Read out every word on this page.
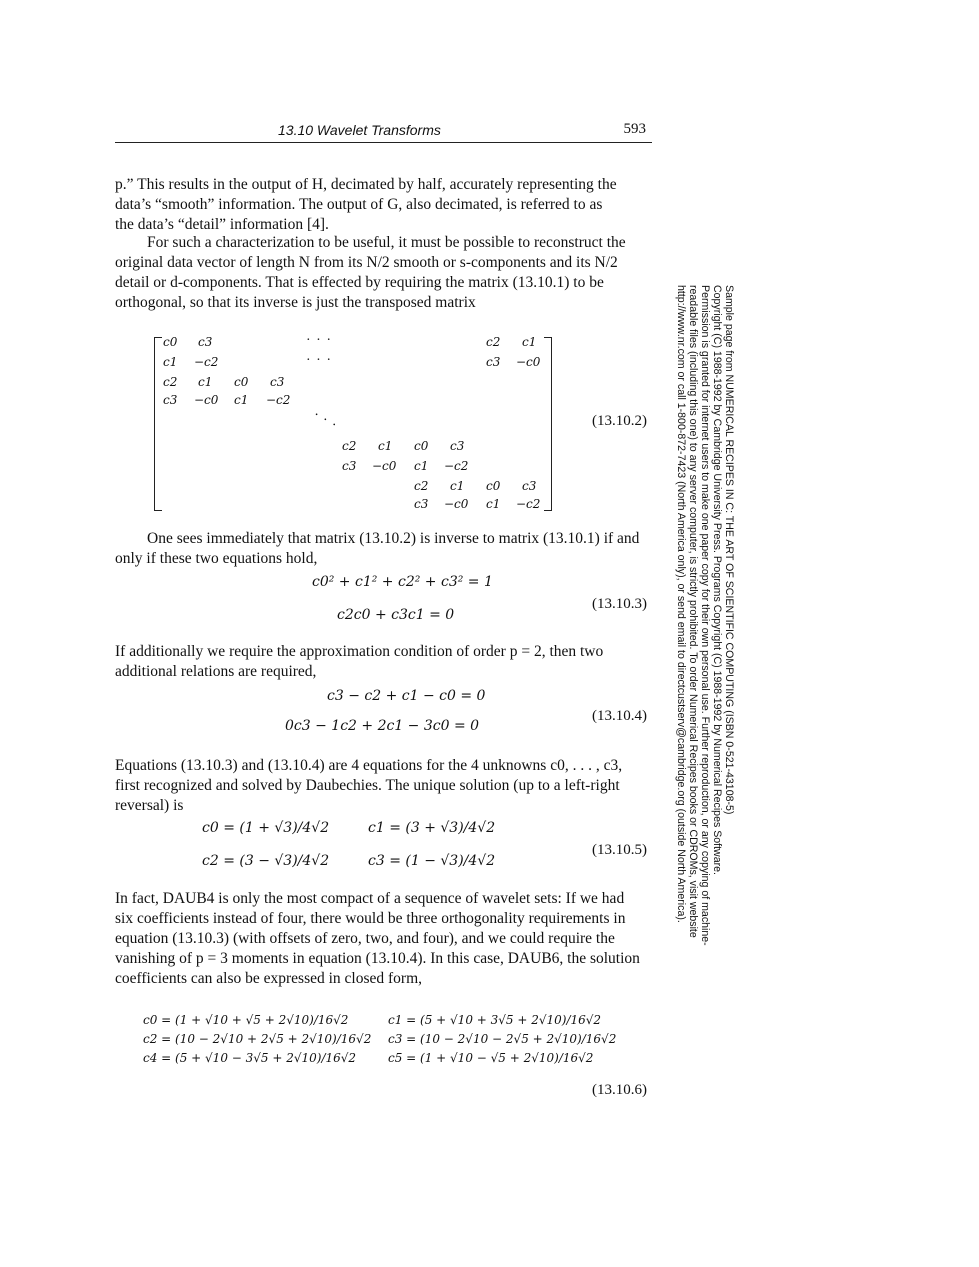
13.10 Wavelet Transforms	593
p.” This results in the output of H, decimated by half, accurately representing the
data’s “smooth” information. The output of G, also decimated, is referred to as
the data’s “detail” information [4].
For such a characterization to be useful, it must be possible to reconstruct the
original data vector of length N from its N/2 smooth or s-components and its N/2
detail or d-components. That is effected by requiring the matrix (13.10.1) to be
orthogonal, so that its inverse is just the transposed matrix
c0 c3	· · ·	c2 c1
c1 −c2	· · ·	c3 −c0
c2 c1 c0 c3
c3 −c0 c1 −c2
· · ·
c2 c1 c0 c3
c3 −c0 c1 −c2
c2 c1 c0 c3
c3 −c0 c1 −c2
(13.10.2)
One sees immediately that matrix (13.10.2) is inverse to matrix (13.10.1) if and
only if these two equations hold,
c0² + c1² + c2² + c3² = 1
c2c0 + c3c1 = 0
(13.10.3)
If additionally we require the approximation condition of order p = 2, then two
additional relations are required,
c3 − c2 + c1 − c0 = 0
0c3 − 1c2 + 2c1 − 3c0 = 0
(13.10.4)
Equations (13.10.3) and (13.10.4) are 4 equations for the 4 unknowns c0, . . . , c3,
first recognized and solved by Daubechies. The unique solution (up to a left-right
reversal) is
c0 = (1 + √3)/4√2	c1 = (3 + √3)/4√2
c2 = (3 − √3)/4√2	c3 = (1 − √3)/4√2
(13.10.5)
In fact, DAUB4 is only the most compact of a sequence of wavelet sets: If we had
six coefficients instead of four, there would be three orthogonality requirements in
equation (13.10.3) (with offsets of zero, two, and four), and we could require the
vanishing of p = 3 moments in equation (13.10.4). In this case, DAUB6, the solution
coefficients can also be expressed in closed form,
c0 = (1 + √10 + √5 + 2√10)/16√2	c1 = (5 + √10 + 3√5 + 2√10)/16√2
c2 = (10 − 2√10 + 2√5 + 2√10)/16√2 c3 = (10 − 2√10 − 2√5 + 2√10)/16√2
c4 = (5 + √10 − 3√5 + 2√10)/16√2	c5 = (1 + √10 − √5 + 2√10)/16√2
(13.10.6)
Sample page from NUMERICAL RECIPES IN C: THE ART OF SCIENTIFIC COMPUTING (ISBN 0-521-43108-5)
Copyright (C) 1988-1992 by Cambridge University Press. Programs Copyright (C) 1988-1992 by Numerical Recipes Software.
Permission is granted for internet users to make one paper copy for their own personal use. Further reproduction, or any copying of machine-
readable files (including this one) to any server computer, is strictly prohibited. To order Numerical Recipes books or CDROMs, visit website
http://www.nr.com or call 1-800-872-7423 (North America only), or send email to directcustserv@cambridge.org (outside North America).
